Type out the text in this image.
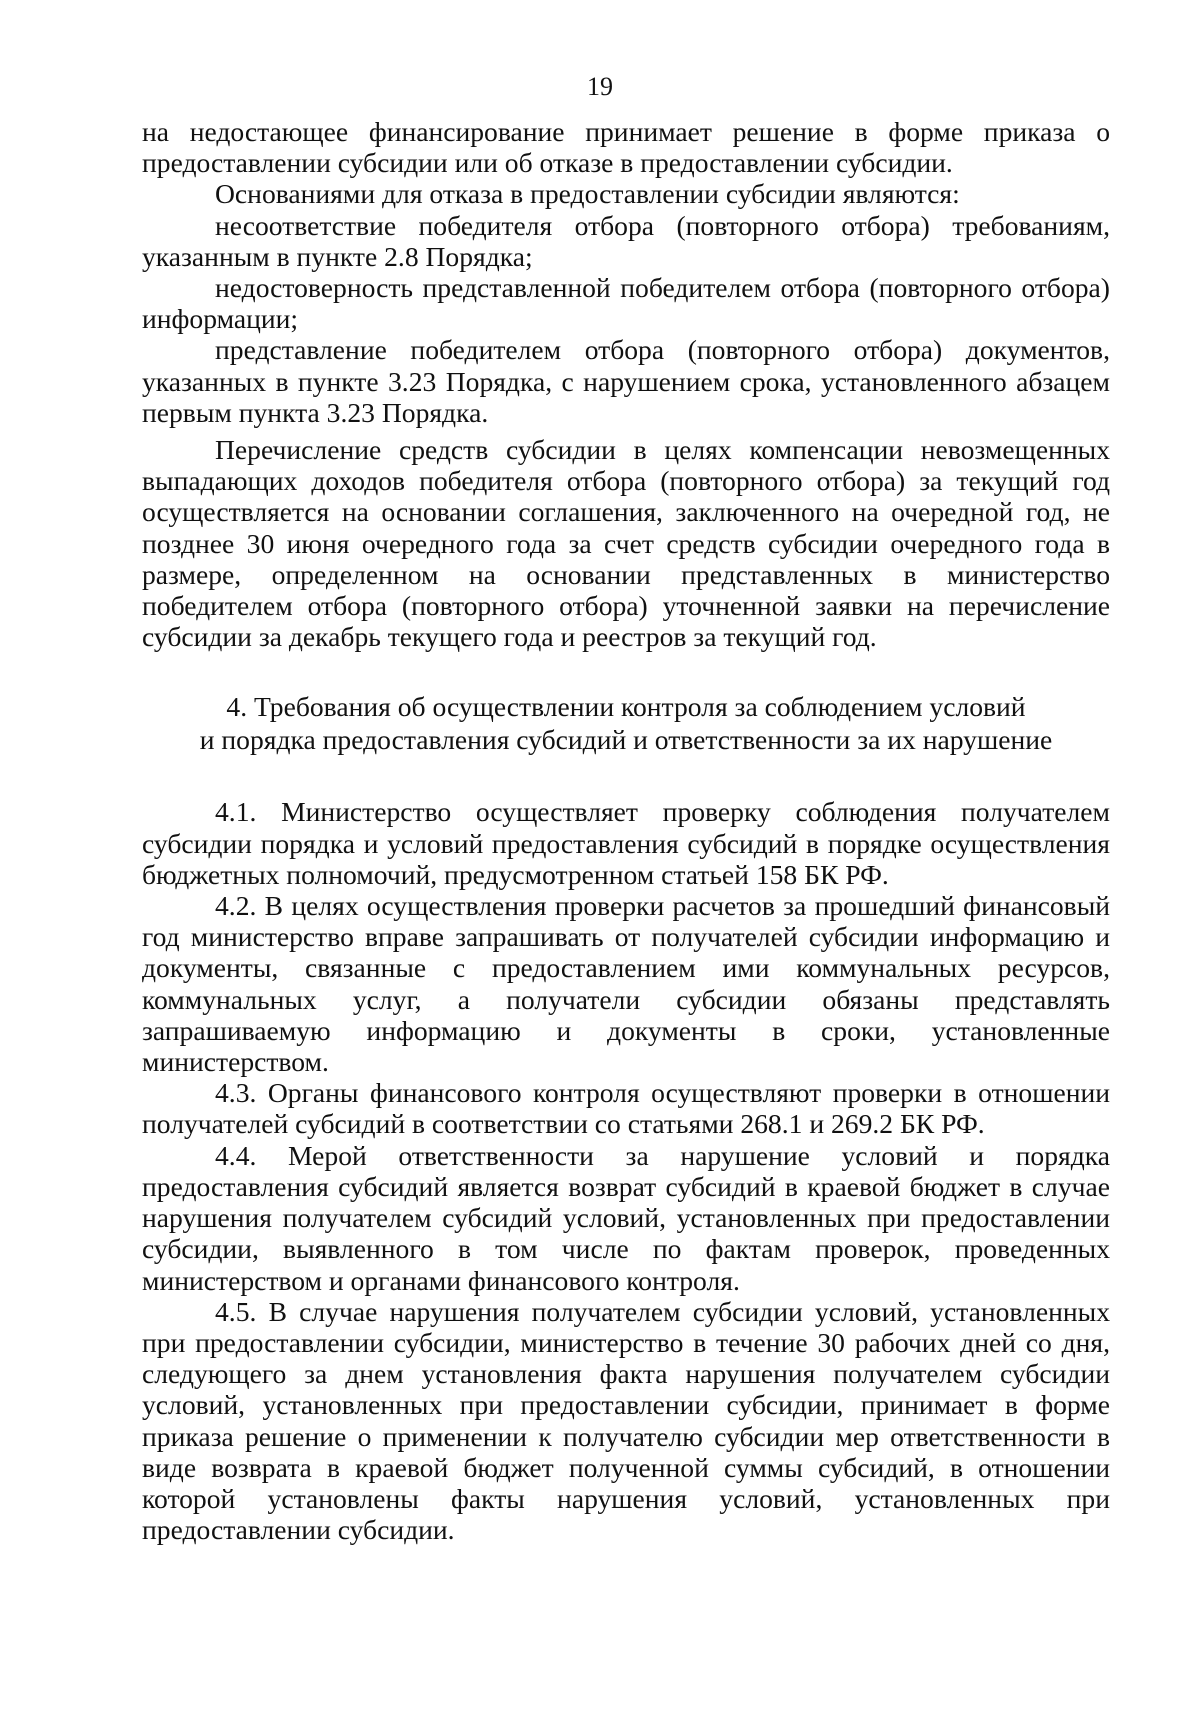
19

на недостающее финансирование принимает решение в форме приказа о предоставлении субсидии или об отказе в предоставлении субсидии.

Основаниями для отказа в предоставлении субсидии являются:

несоответствие победителя отбора (повторного отбора) требованиям, указанным в пункте 2.8 Порядка;

недостоверность представленной победителем отбора (повторного отбора) информации;

представление победителем отбора (повторного отбора) документов, указанных в пункте 3.23 Порядка, с нарушением срока, установленного абзацем первым пункта 3.23 Порядка.

Перечисление средств субсидии в целях компенсации невозмещенных выпадающих доходов победителя отбора (повторного отбора) за текущий год осуществляется на основании соглашения, заключенного на очередной год, не позднее 30 июня очередного года за счет средств субсидии очередного года в размере, определенном на основании представленных в министерство победителем отбора (повторного отбора) уточненной заявки на перечисление субсидии за декабрь текущего года и реестров за текущий год.

4. Требования об осуществлении контроля за соблюдением условий
и порядка предоставления субсидий и ответственности за их нарушение

4.1. Министерство осуществляет проверку соблюдения получателем субсидии порядка и условий предоставления субсидий в порядке осуществления бюджетных полномочий, предусмотренном статьей 158 БК РФ.

4.2. В целях осуществления проверки расчетов за прошедший финансовый год министерство вправе запрашивать от получателей субсидии информацию и документы, связанные с предоставлением ими коммунальных ресурсов, коммунальных услуг, а получатели субсидии обязаны представлять запрашиваемую информацию и документы в сроки, установленные министерством.

4.3. Органы финансового контроля осуществляют проверки в отношении получателей субсидий в соответствии со статьями 268.1 и 269.2 БК РФ.

4.4. Мерой ответственности за нарушение условий и порядка предоставления субсидий является возврат субсидий в краевой бюджет в случае нарушения получателем субсидий условий, установленных при предоставлении субсидии, выявленного в том числе по фактам проверок, проведенных министерством и органами финансового контроля.

4.5. В случае нарушения получателем субсидии условий, установленных при предоставлении субсидии, министерство в течение 30 рабочих дней со дня, следующего за днем установления факта нарушения получателем субсидии условий, установленных при предоставлении субсидии, принимает в форме приказа решение о применении к получателю субсидии мер ответственности в виде возврата в краевой бюджет полученной суммы субсидий, в отношении которой установлены факты нарушения условий, установленных при предоставлении субсидии.
